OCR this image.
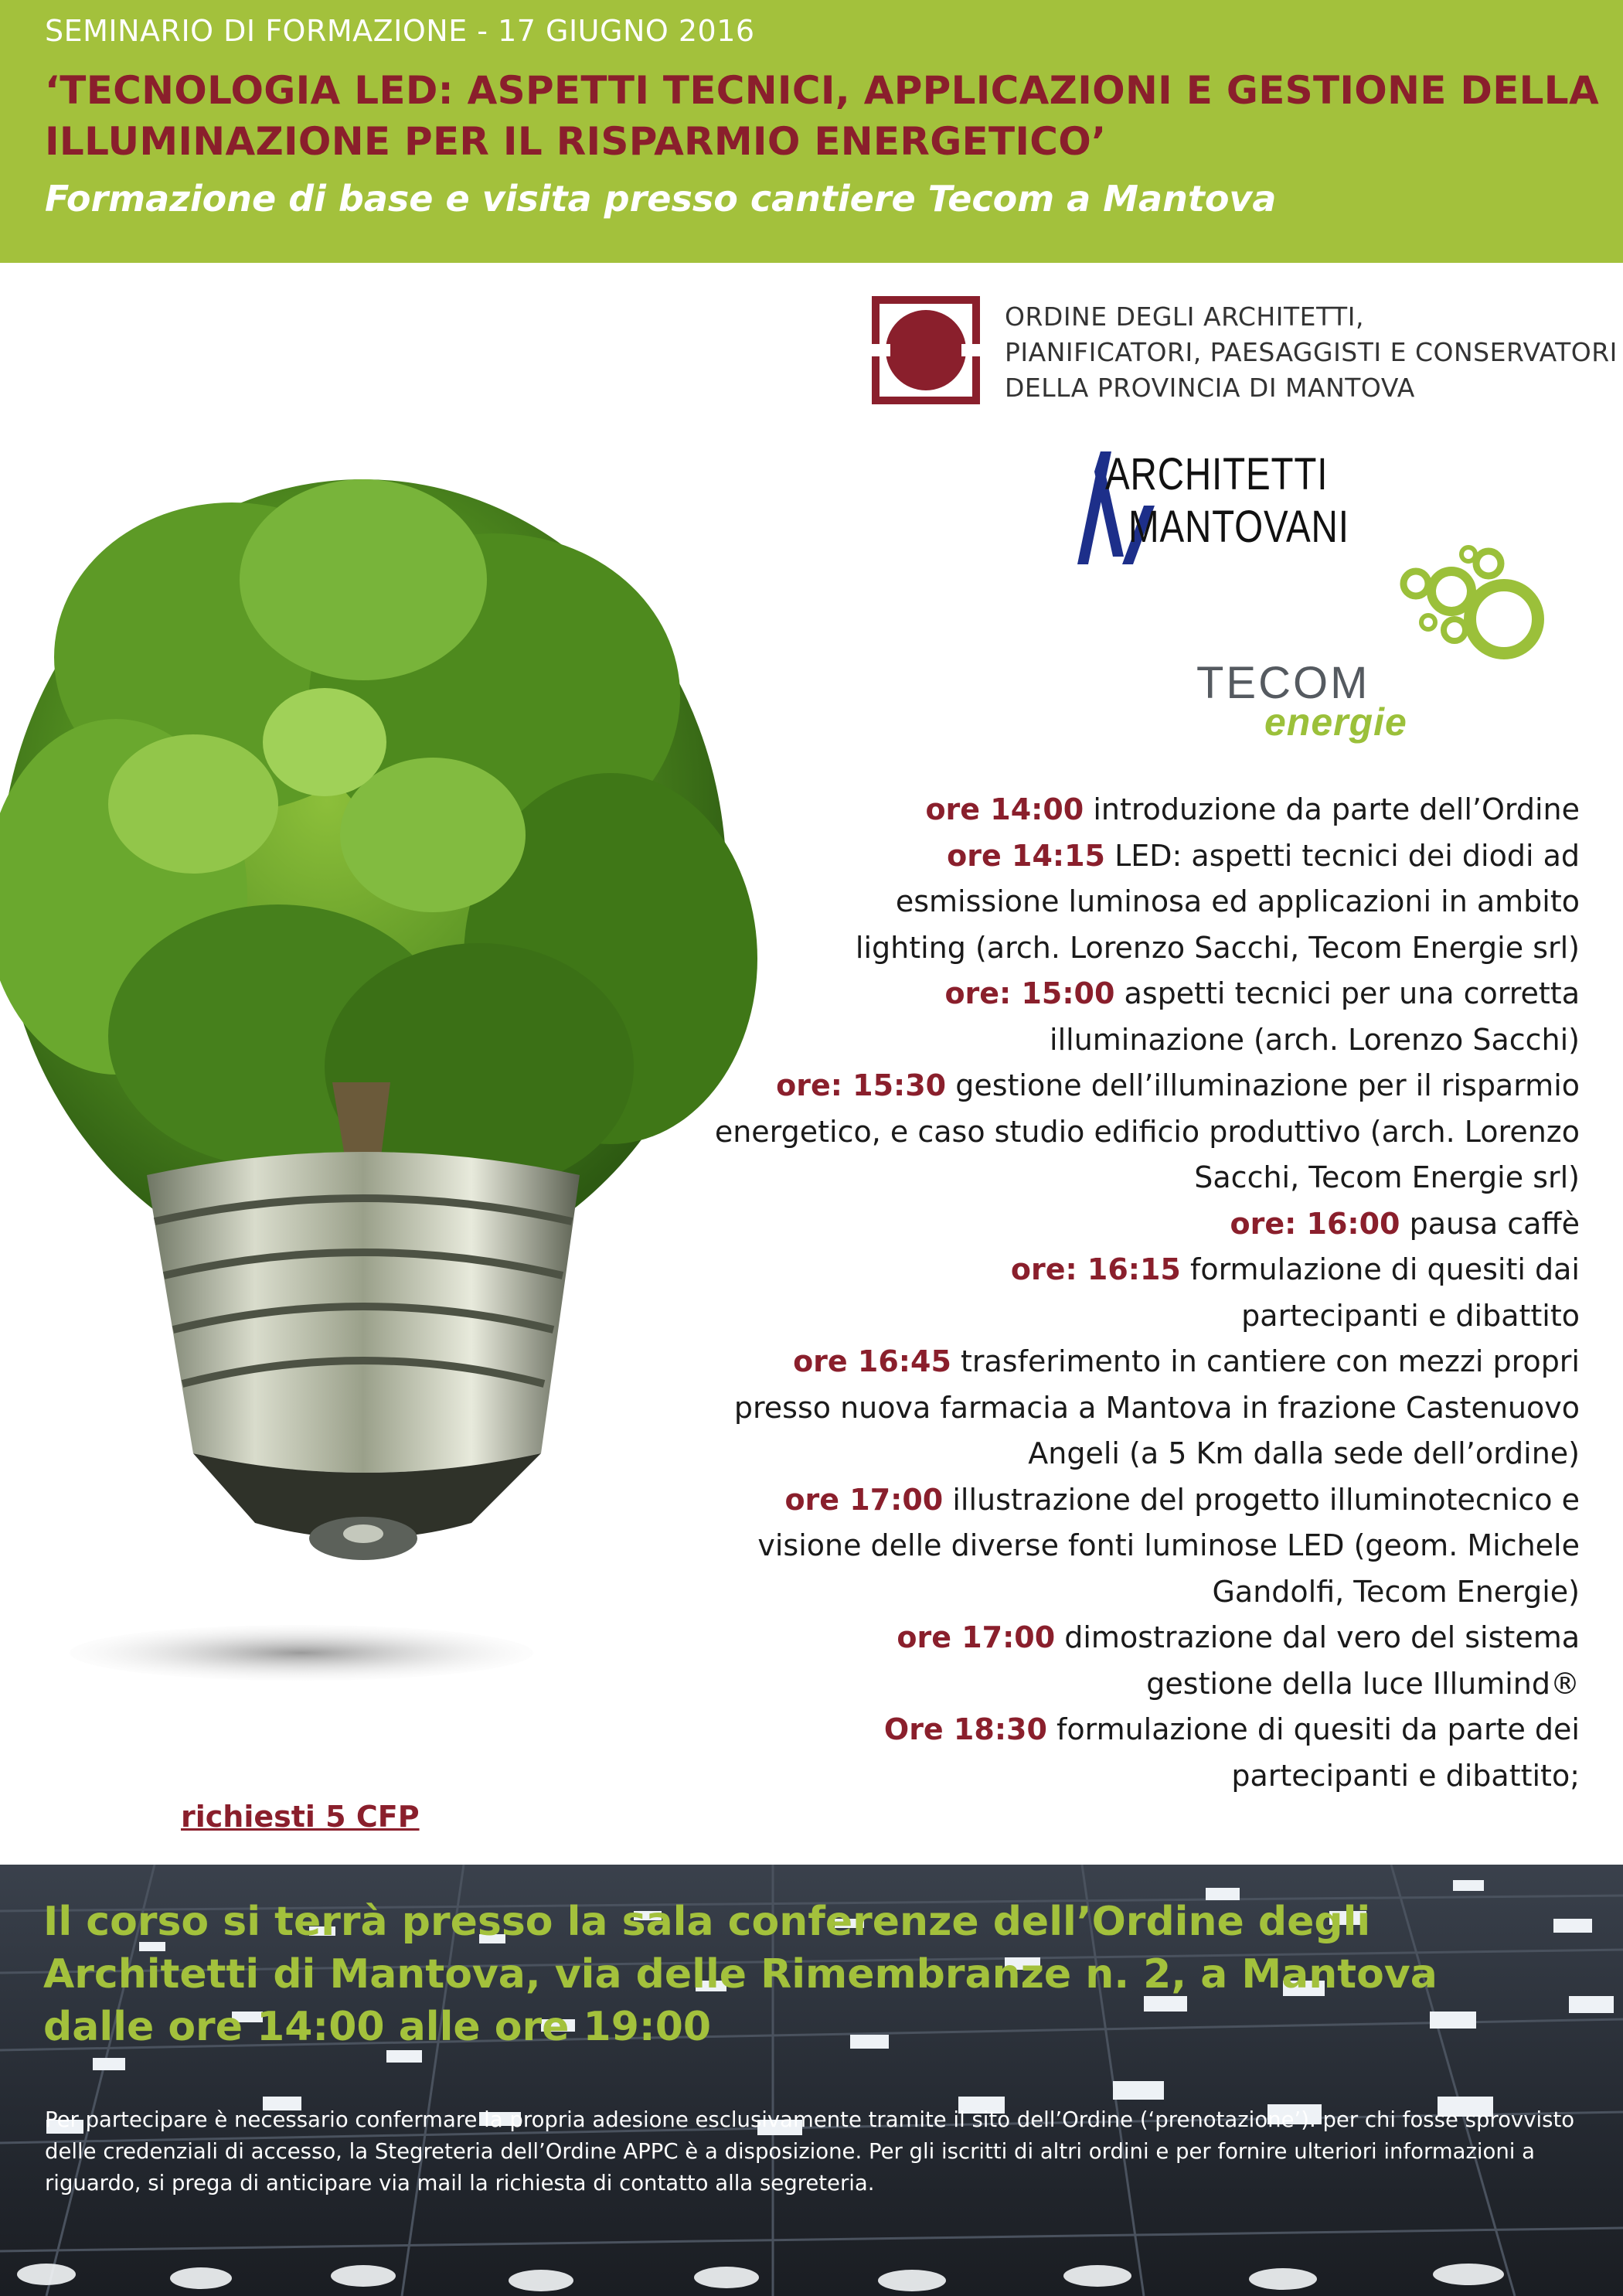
SEMINARIO DI FORMAZIONE - 17 GIUGNO 2016
‘TECNOLOGIA LED: ASPETTI TECNICI, APPLICAZIONI E GESTIONE DELLA ILLUMINAZIONE PER IL RISPARMIO ENERGETICO’
Formazione di base e visita presso cantiere Tecom a Mantova
ORDINE DEGLI ARCHITETTI,
PIANIFICATORI, PAESAGGISTI E CONSERVATORI
DELLA PROVINCIA DI MANTOVA
ARCHITETTI
MANTOVANI
TECOM
energie
richiesti 5 CFP

ore 14:00 introduzione da parte dell’Ordine

ore 14:15 LED: aspetti tecnici dei diodi ad esmissione luminosa ed applicazioni in ambito lighting (arch. Lorenzo Sacchi, Tecom Energie srl)

ore: 15:00 aspetti tecnici per una corretta illuminazione (arch. Lorenzo Sacchi)

ore: 15:30 gestione dell’illuminazione per il risparmio energetico, e caso studio edificio produttivo (arch. Lorenzo Sacchi, Tecom Energie srl)

ore: 16:00 pausa caffè

ore: 16:15 formulazione di quesiti dai partecipanti e dibattito

ore 16:45 trasferimento in cantiere con mezzi propri presso nuova farmacia a Mantova in frazione Castenuovo Angeli (a 5 Km dalla sede dell’ordine)

ore 17:00 illustrazione del progetto illuminotecnico e visione delle diverse fonti luminose LED (geom. Michele Gandolfi, Tecom Energie)

ore 17:00 dimostrazione dal vero del sistema gestione della luce Illumind®

Ore 18:30 formulazione di quesiti da parte dei partecipanti e dibattito;

Il corso si terrà presso la sala conferenze dell’Ordine degli Architetti di Mantova, via delle Rimembranze n. 2, a Mantova dalle ore 14:00 alle ore 19:00
Per partecipare è necessario confermare la propria adesione esclusivamente tramite il sito dell’Ordine (‘prenotazione’). per chi fosse sprovvisto delle credenziali di accesso, la Stegreteria dell’Ordine APPC è a disposizione. Per gli iscritti di altri ordini e per fornire ulteriori informazioni a riguardo, si prega di anticipare via mail la richiesta di contatto alla segreteria.
